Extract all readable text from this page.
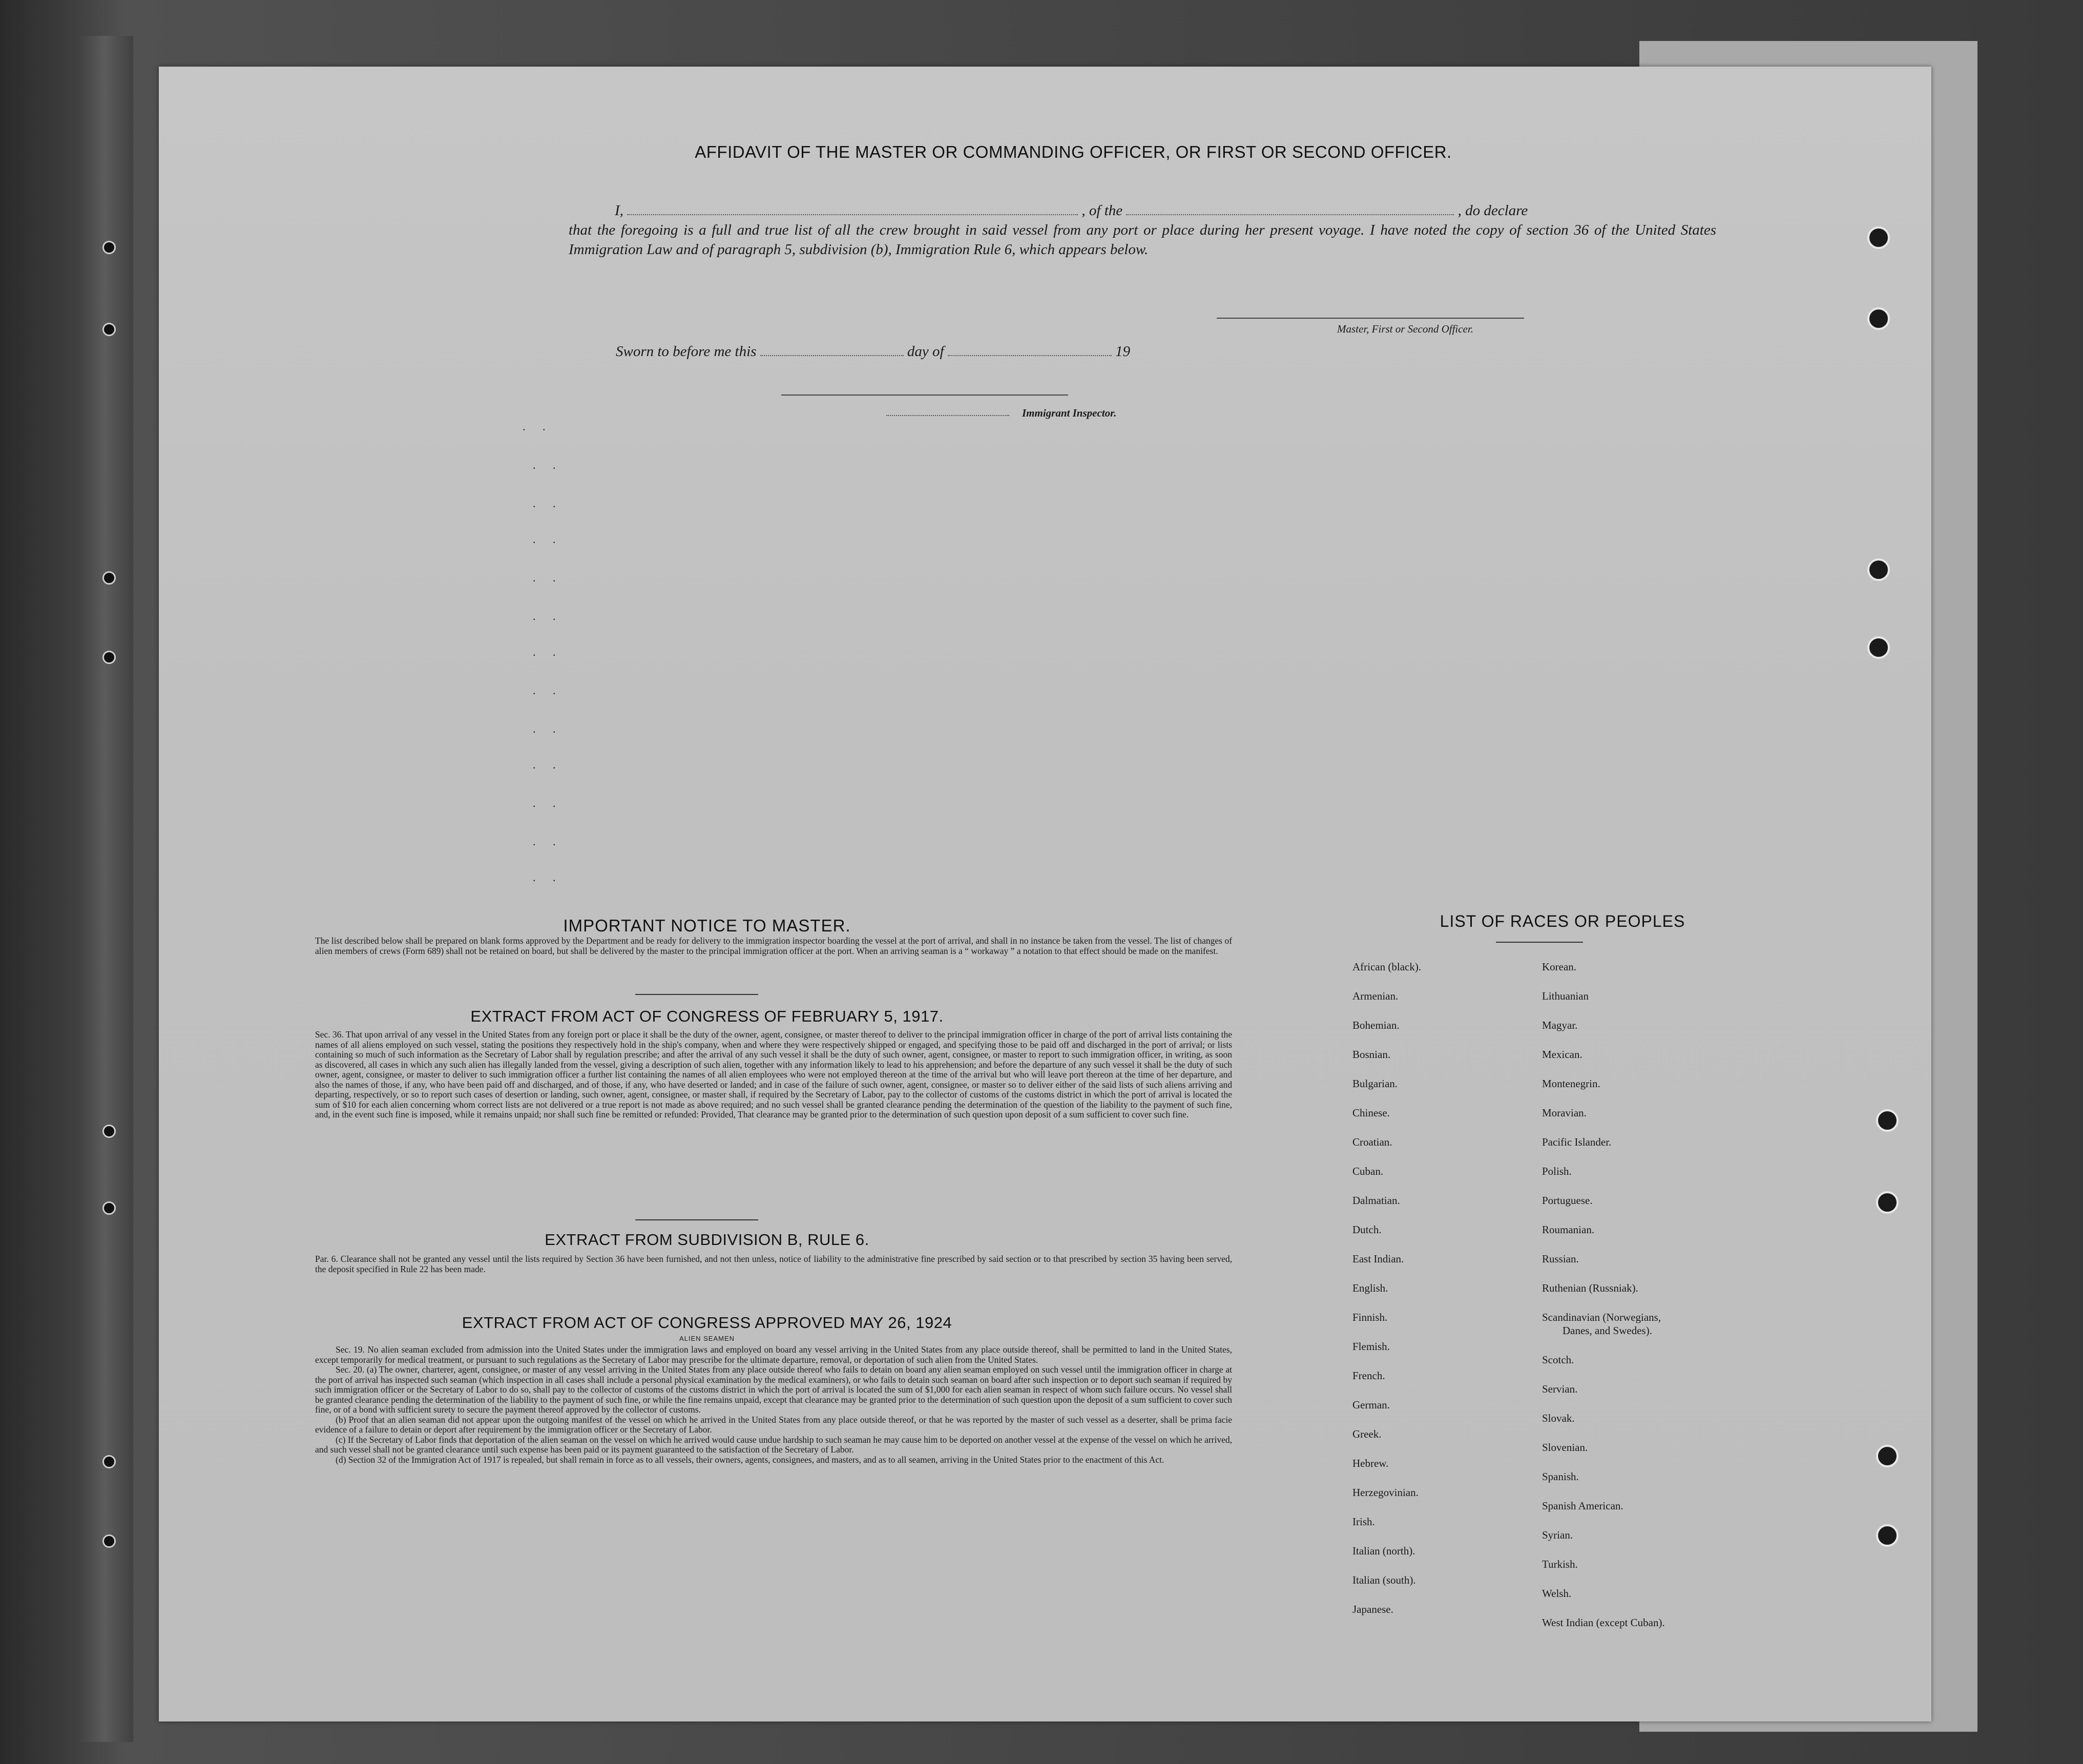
AFFIDAVIT OF THE MASTER OR COMMANDING OFFICER, OR FIRST OR SECOND OFFICER.
I,	, of the	, do declare
that the foregoing is a full and true list of all the crew brought in said vessel from any port or place during her present voyage. I have noted the copy of section 36 of the United States Immigration Law and of paragraph 5, subdivision (b), Immigration Rule 6, which appears below.
Master, First or Second Officer.
Sworn to before me this	day of	19
Immigrant Inspector.
. .
. .
. .
. .
. .
. .
. .
. .
. .
. .
. .
. .
. .
IMPORTANT NOTICE TO MASTER.
The list described below shall be prepared on blank forms approved by the Department and be ready for delivery to the immigration inspector boarding the vessel at the port of arrival, and shall in no instance be taken from the vessel. The list of changes of alien members of crews (Form 689) shall not be retained on board, but shall be delivered by the master to the principal immigration officer at the port. When an arriving seaman is a “ workaway ” a notation to that effect should be made on the manifest.
EXTRACT FROM ACT OF CONGRESS OF FEBRUARY 5, 1917.
Sec. 36. That upon arrival of any vessel in the United States from any foreign port or place it shall be the duty of the owner, agent, consignee, or master thereof to deliver to the principal immigration officer in charge of the port of arrival lists containing the names of all aliens employed on such vessel, stating the positions they respectively hold in the ship's company, when and where they were respectively shipped or engaged, and specifying those to be paid off and discharged in the port of arrival; or lists containing so much of such information as the Secretary of Labor shall by regulation prescribe; and after the arrival of any such vessel it shall be the duty of such owner, agent, consignee, or master to report to such immigration officer, in writing, as soon as discovered, all cases in which any such alien has illegally landed from the vessel, giving a description of such alien, together with any information likely to lead to his apprehension; and before the departure of any such vessel it shall be the duty of such owner, agent, consignee, or master to deliver to such immigration officer a further list containing the names of all alien employees who were not employed thereon at the time of the arrival but who will leave port thereon at the time of her departure, and also the names of those, if any, who have been paid off and discharged, and of those, if any, who have deserted or landed; and in case of the failure of such owner, agent, consignee, or master so to deliver either of the said lists of such aliens arriving and departing, respectively, or so to report such cases of desertion or landing, such owner, agent, consignee, or master shall, if required by the Secretary of Labor, pay to the collector of customs of the customs district in which the port of arrival is located the sum of $10 for each alien concerning whom correct lists are not delivered or a true report is not made as above required; and no such vessel shall be granted clearance pending the determination of the question of the liability to the payment of such fine, and, in the event such fine is imposed, while it remains unpaid; nor shall such fine be remitted or refunded: Provided, That clearance may be granted prior to the determination of such question upon deposit of a sum sufficient to cover such fine.
EXTRACT FROM SUBDIVISION B, RULE 6.
Par. 6. Clearance shall not be granted any vessel until the lists required by Section 36 have been furnished, and not then unless, notice of liability to the administrative fine prescribed by said section or to that prescribed by section 35 having been served, the deposit specified in Rule 22 has been made.
EXTRACT FROM ACT OF CONGRESS APPROVED MAY 26, 1924
ALIEN SEAMEN
Sec. 19. No alien seaman excluded from admission into the United States under the immigration laws and employed on board any vessel arriving in the United States from any place outside thereof, shall be permitted to land in the United States, except temporarily for medical treatment, or pursuant to such regulations as the Secretary of Labor may prescribe for the ultimate departure, removal, or deportation of such alien from the United States.
Sec. 20. (a) The owner, charterer, agent, consignee, or master of any vessel arriving in the United States from any place outside thereof who fails to detain on board any alien seaman employed on such vessel until the immigration officer in charge at the port of arrival has inspected such seaman (which inspection in all cases shall include a personal physical examination by the medical examiners), or who fails to detain such seaman on board after such inspection or to deport such seaman if required by such immigration officer or the Secretary of Labor to do so, shall pay to the collector of customs of the customs district in which the port of arrival is located the sum of $1,000 for each alien seaman in respect of whom such failure occurs. No vessel shall be granted clearance pending the determination of the liability to the payment of such fine, or while the fine remains unpaid, except that clearance may be granted prior to the determination of such question upon the deposit of a sum sufficient to cover such fine, or of a bond with sufficient surety to secure the payment thereof approved by the collector of customs.
(b) Proof that an alien seaman did not appear upon the outgoing manifest of the vessel on which he arrived in the United States from any place outside thereof, or that he was reported by the master of such vessel as a deserter, shall be prima facie evidence of a failure to detain or deport after requirement by the immigration officer or the Secretary of Labor.
(c) If the Secretary of Labor finds that deportation of the alien seaman on the vessel on which he arrived would cause undue hardship to such seaman he may cause him to be deported on another vessel at the expense of the vessel on which he arrived, and such vessel shall not be granted clearance until such expense has been paid or its payment guaranteed to the satisfaction of the Secretary of Labor.
(d) Section 32 of the Immigration Act of 1917 is repealed, but shall remain in force as to all vessels, their owners, agents, consignees, and masters, and as to all seamen, arriving in the United States prior to the enactment of this Act.
LIST OF RACES OR PEOPLES
African (black).
Armenian.
Bohemian.
Bosnian.
Bulgarian.
Chinese.
Croatian.
Cuban.
Dalmatian.
Dutch.
East Indian.
English.
Finnish.
Flemish.
French.
German.
Greek.
Hebrew.
Herzegovinian.
Irish.
Italian (north).
Italian (south).
Japanese.
Korean.
Lithuanian
Magyar.
Mexican.
Montenegrin.
Moravian.
Pacific Islander.
Polish.
Portuguese.
Roumanian.
Russian.
Ruthenian (Russniak).
Scandinavian (Norwegians,
Danes, and Swedes).
Scotch.
Servian.
Slovak.
Slovenian.
Spanish.
Spanish American.
Syrian.
Turkish.
Welsh.
West Indian (except Cuban).
